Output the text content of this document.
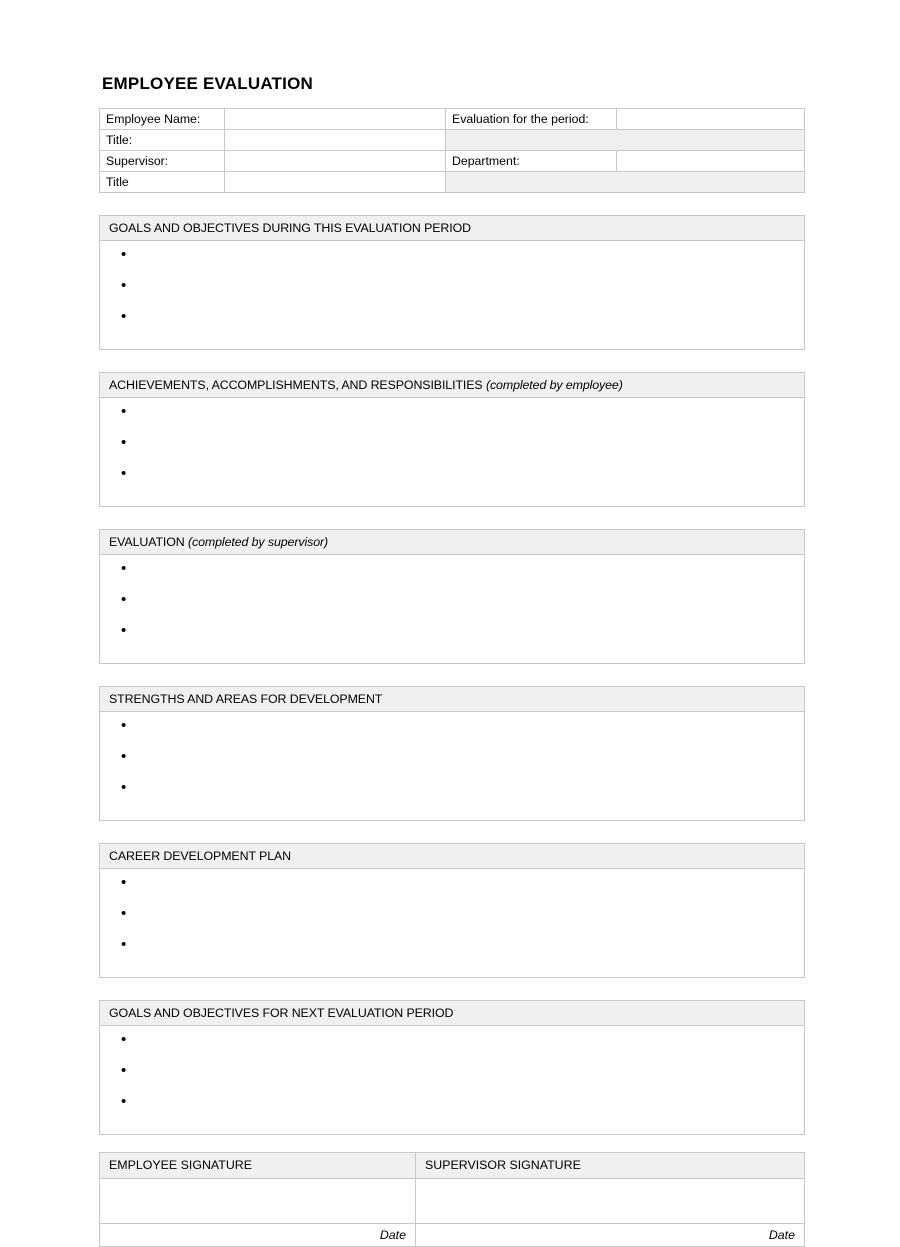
EMPLOYEE EVALUATION
Employee Name:		Evaluation for the period:	
Title:			
Supervisor:		Department:	
Title			
GOALS AND OBJECTIVES DURING THIS EVALUATION PERIOD
•
•
•
ACHIEVEMENTS, ACCOMPLISHMENTS, AND RESPONSIBILITIES (completed by employee)
•
•
•
EVALUATION (completed by supervisor)
•
•
•
STRENGTHS AND AREAS FOR DEVELOPMENT
•
•
•
CAREER DEVELOPMENT PLAN
•
•
•
GOALS AND OBJECTIVES FOR NEXT EVALUATION PERIOD
•
•
•
EMPLOYEE SIGNATURE	SUPERVISOR SIGNATURE

Date	Date
